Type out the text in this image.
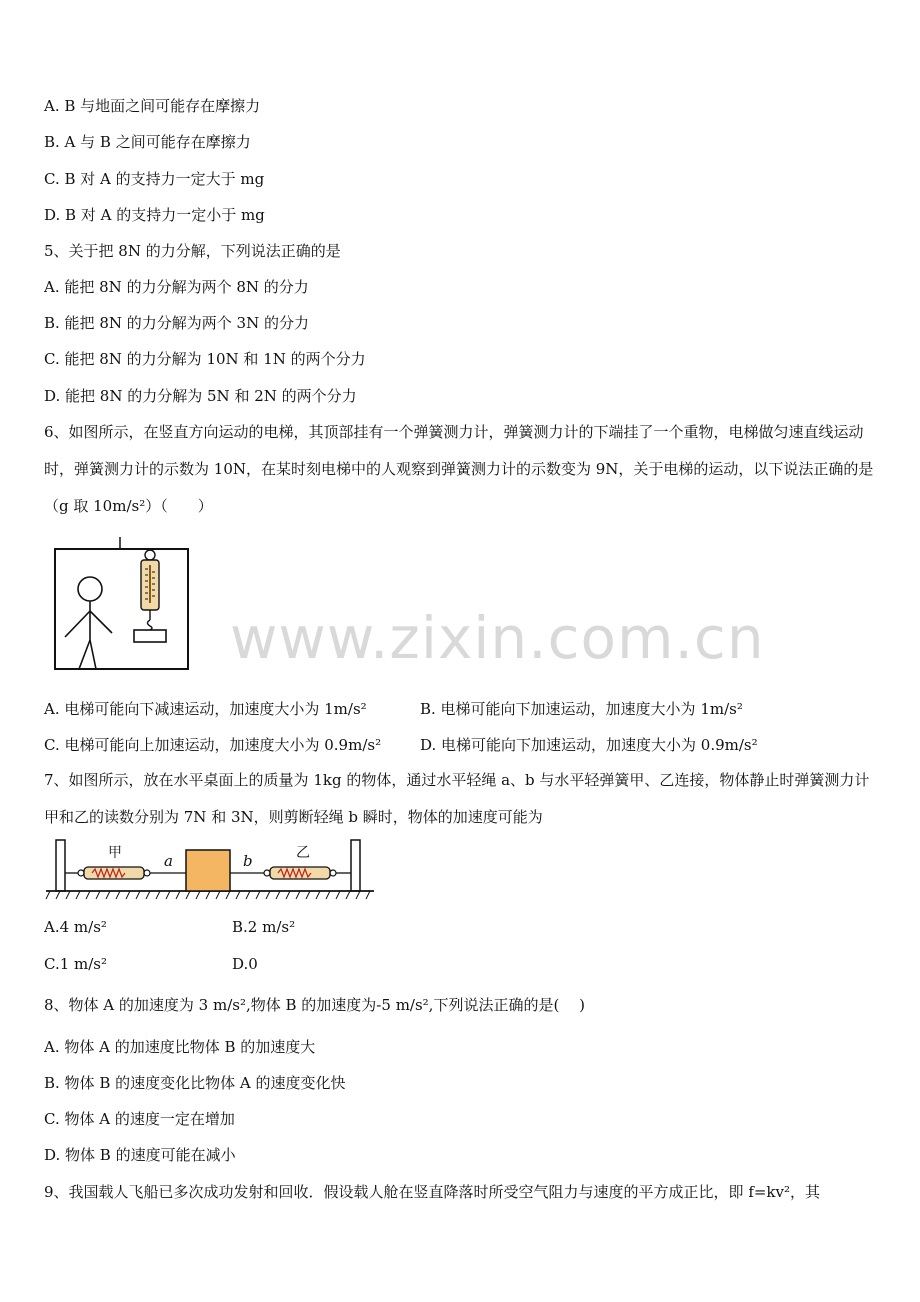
A. B 与地面之间可能存在摩擦力
B. A 与 B 之间可能存在摩擦力
C. B 对 A 的支持力一定大于 mg
D. B 对 A 的支持力一定小于 mg
5、关于把 8N 的力分解，下列说法正确的是
A. 能把 8N 的力分解为两个 8N 的分力
B. 能把 8N 的力分解为两个 3N 的分力
C. 能把 8N 的力分解为 10N 和 1N 的两个分力
D. 能把 8N 的力分解为 5N 和 2N 的两个分力
6、如图所示，在竖直方向运动的电梯，其顶部挂有一个弹簧测力计，弹簧测力计的下端挂了一个重物，电梯做匀速直线运动时，弹簧测力计的示数为 10N，在某时刻电梯中的人观察到弹簧测力计的示数变为 9N，关于电梯的运动，以下说法正确的是（g 取 10m/s²）（　　）
A. 电梯可能向下减速运动，加速度大小为 1m/s²	B. 电梯可能向下加速运动，加速度大小为 1m/s²
C. 电梯可能向上加速运动，加速度大小为 0.9m/s²	D. 电梯可能向下加速运动，加速度大小为 0.9m/s²
7、如图所示，放在水平桌面上的质量为 1kg 的物体，通过水平轻绳 a、b 与水平轻弹簧甲、乙连接，物体静止时弹簧测力计甲和乙的读数分别为 7N 和 3N，则剪断轻绳 b 瞬时，物体的加速度可能为
甲	a	b	乙
A.4 m/s²	B.2 m/s²
C.1 m/s²	D.0
8、物体 A 的加速度为 3 m/s²,物体 B 的加速度为-5 m/s²,下列说法正确的是(　 )
A. 物体 A 的加速度比物体 B 的加速度大
B. 物体 B 的速度变化比物体 A 的速度变化快
C. 物体 A 的速度一定在增加
D. 物体 B 的速度可能在减小
9、我国载人飞船已多次成功发射和回收．假设载人舱在竖直降落时所受空气阻力与速度的平方成正比，即 f=kv²，其
www.zixin.com.cn
